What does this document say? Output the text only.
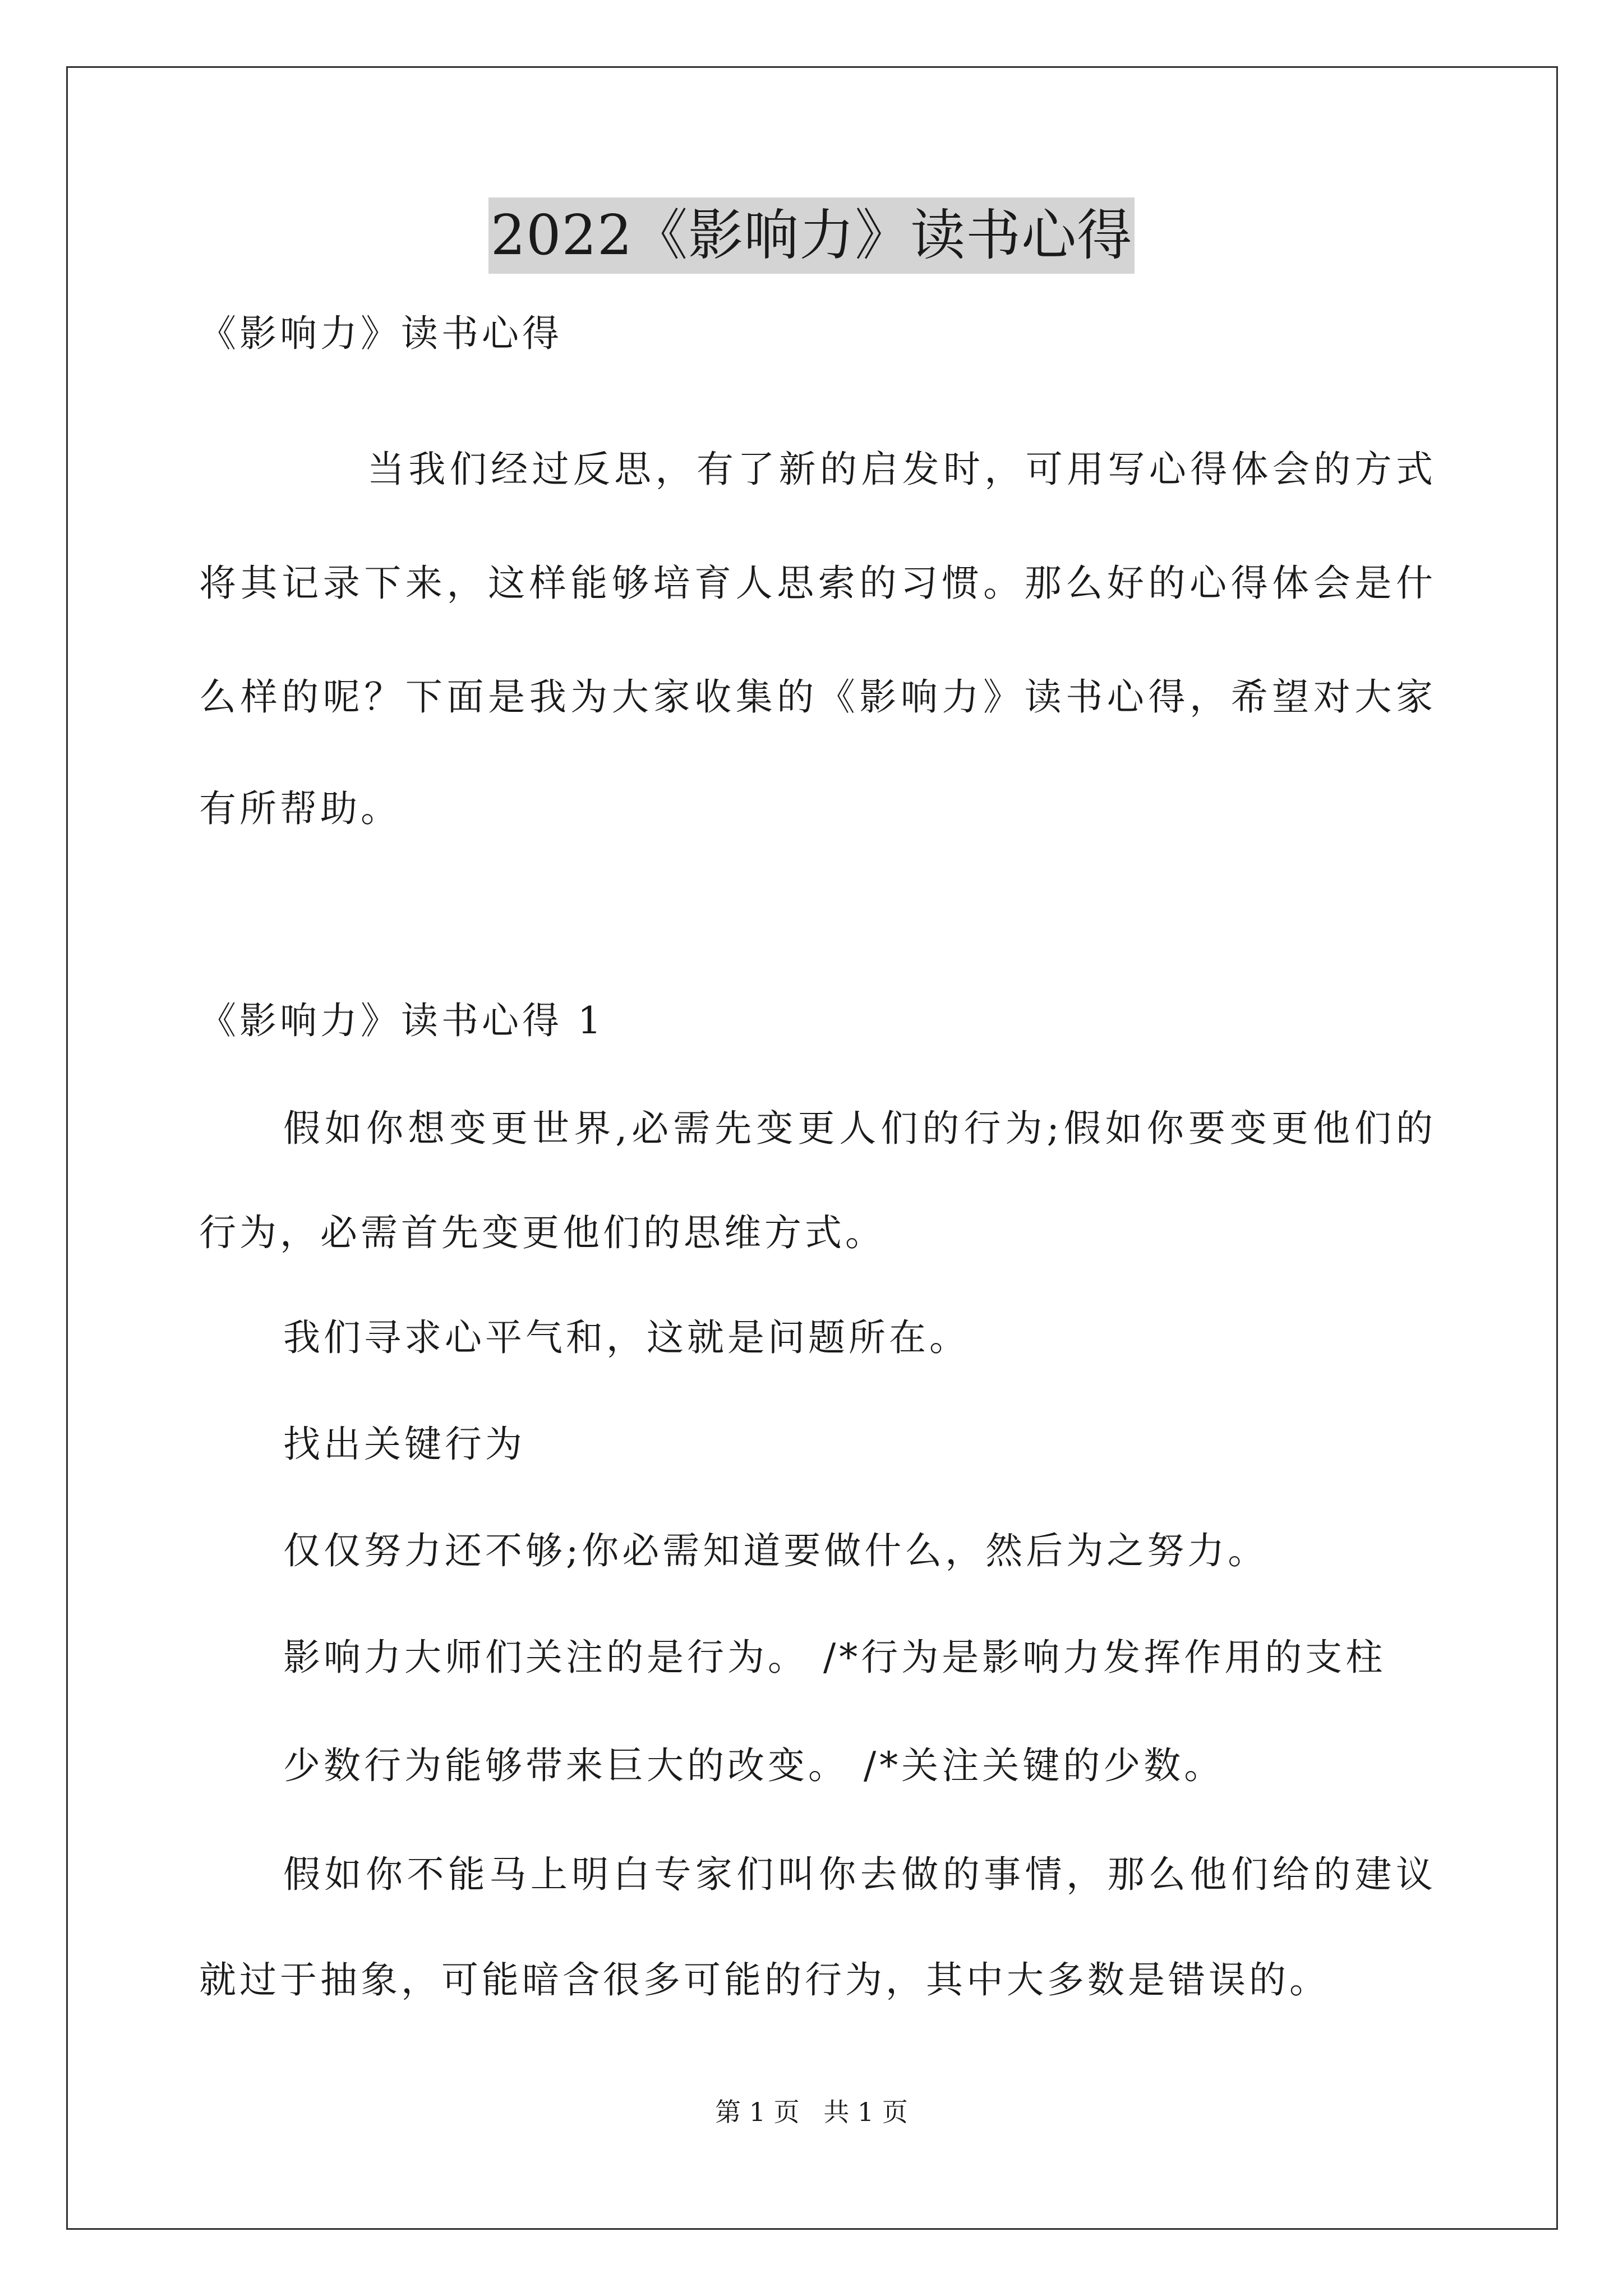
2022《影响力》读书心得
《影响力》读书心得
当我们经过反思，有了新的启发时，可用写心得体会的方式
将其记录下来，这样能够培育人思索的习惯。那么好的心得体会是什
么样的呢？下面是我为大家收集的《影响力》读书心得，希望对大家
有所帮助。
《影响力》读书心得 1
假如你想变更世界,必需先变更人们的行为;假如你要变更他们的
行为，必需首先变更他们的思维方式。
我们寻求心平气和，这就是问题所在。
找出关键行为
仅仅努力还不够;你必需知道要做什么，然后为之努力。
影响力大师们关注的是行为。 /*行为是影响力发挥作用的支柱
少数行为能够带来巨大的改变。 /*关注关键的少数。
假如你不能马上明白专家们叫你去做的事情，那么他们给的建议
就过于抽象，可能暗含很多可能的行为，其中大多数是错误的。
第 1 页 共 1 页
